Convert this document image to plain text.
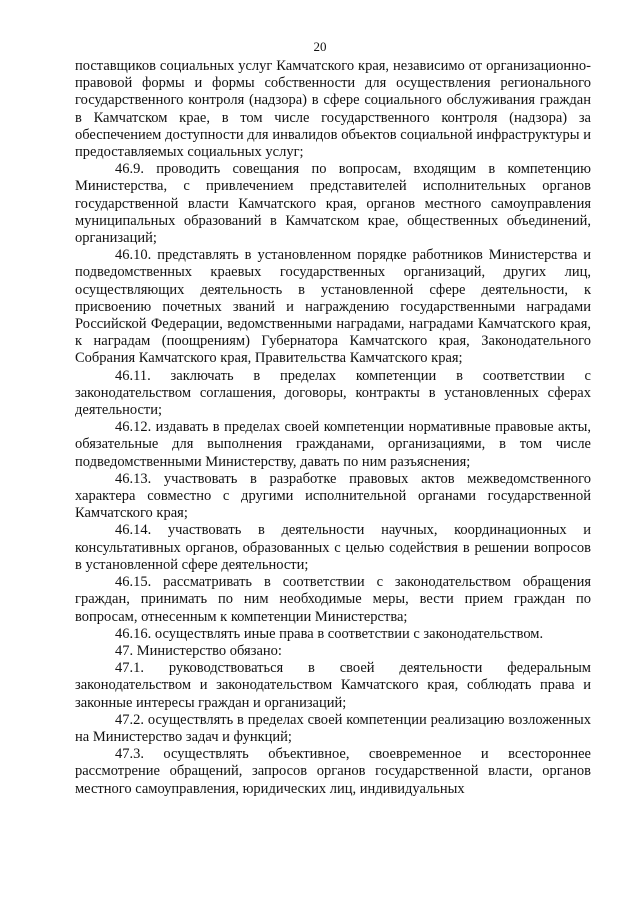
20

поставщиков социальных услуг Камчатского края, независимо от организационно-правовой формы и формы собственности для осуществления регионального государственного контроля (надзора) в сфере социального обслуживания граждан в Камчатском крае, в том числе государственного контроля (надзора) за обеспечением доступности для инвалидов объектов социальной инфраструктуры и предоставляемых социальных услуг;

46.9. проводить совещания по вопросам, входящим в компетенцию Министерства, с привлечением представителей исполнительных органов государственной власти Камчатского края, органов местного самоуправления муниципальных образований в Камчатском крае, общественных объединений, организаций;

46.10. представлять в установленном порядке работников Министерства и подведомственных краевых государственных организаций, других лиц, осуществляющих деятельность в установленной сфере деятельности, к присвоению почетных званий и награждению государственными наградами Российской Федерации, ведомственными наградами, наградами Камчатского края, к наградам (поощрениям) Губернатора Камчатского края, Законодательного Собрания Камчатского края, Правительства Камчатского края;

46.11. заключать в пределах компетенции в соответствии с законодательством соглашения, договоры, контракты в установленных сферах деятельности;

46.12. издавать в пределах своей компетенции нормативные правовые акты, обязательные для выполнения гражданами, организациями, в том числе подведомственными Министерству, давать по ним разъяснения;

46.13. участвовать в разработке правовых актов межведомственного характера совместно с другими исполнительной органами государственной Камчатского края;

46.14. участвовать в деятельности научных, координационных и консультативных органов, образованных с целью содействия в решении вопросов в установленной сфере деятельности;

46.15. рассматривать в соответствии с законодательством обращения граждан, принимать по ним необходимые меры, вести прием граждан по вопросам, отнесенным к компетенции Министерства;

46.16. осуществлять иные права в соответствии с законодательством.

47. Министерство обязано:

47.1. руководствоваться в своей деятельности федеральным законодательством и законодательством Камчатского края, соблюдать права и законные интересы граждан и организаций;

47.2. осуществлять в пределах своей компетенции реализацию возложенных на Министерство задач и функций;

47.3. осуществлять объективное, своевременное и всестороннее рассмотрение обращений, запросов органов государственной власти, органов местного самоуправления, юридических лиц, индивидуальных
